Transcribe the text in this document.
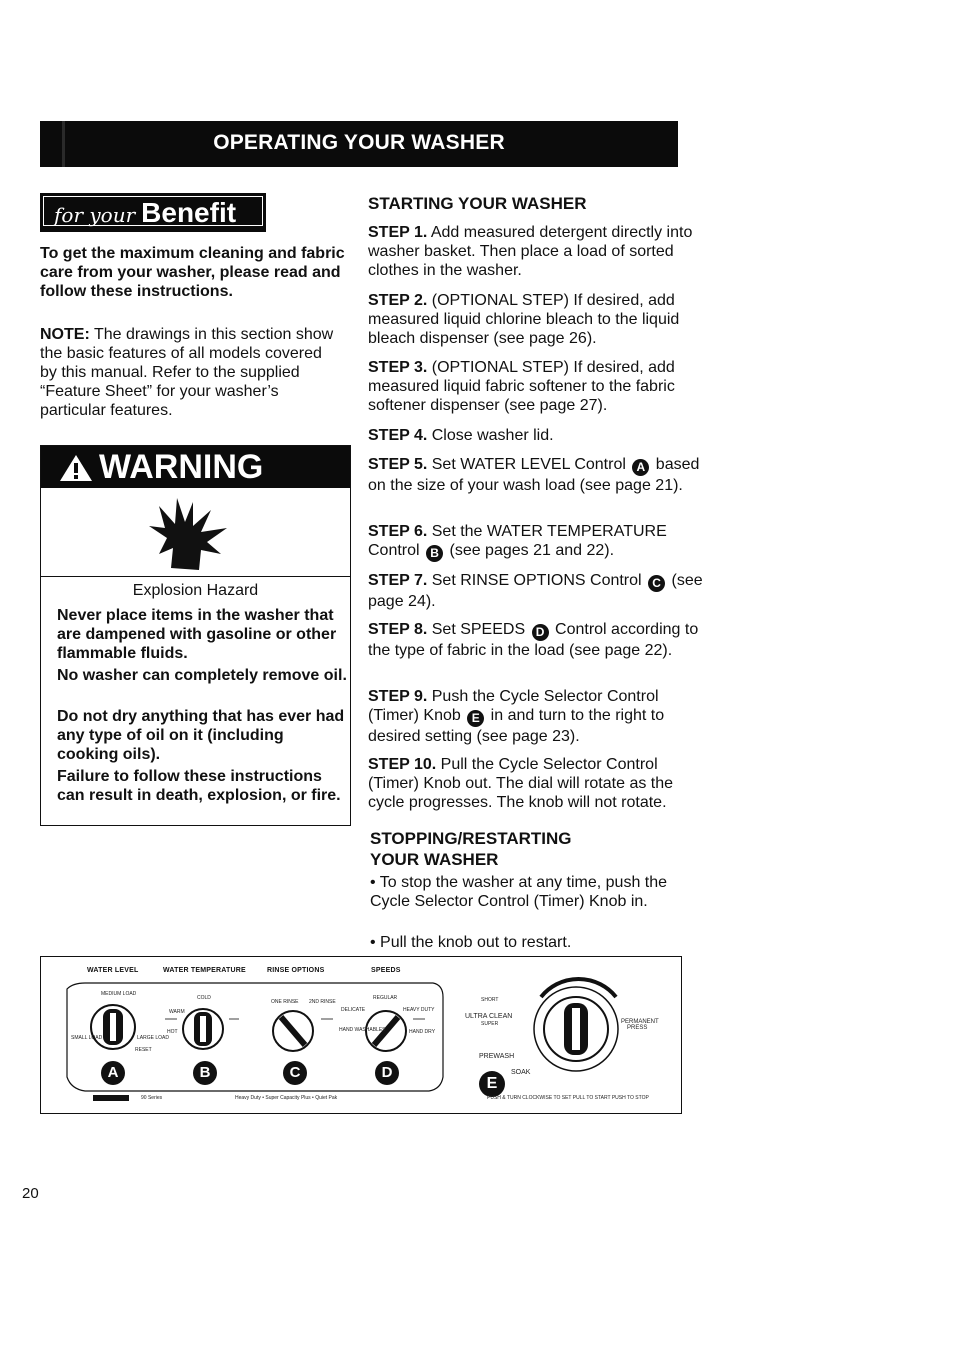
OPERATING YOUR WASHER
for your Benefit
To get the maximum cleaning and fabric care from your washer, please read and follow these instructions.
NOTE: The drawings in this section show the basic features of all models covered by this manual. Refer to the supplied “Feature Sheet” for your washer’s particular features.
WARNING
Explosion Hazard
Never place items in the washer that are dampened with gasoline or other flammable fluids.
No washer can completely remove oil.
Do not dry anything that has ever had any type of oil on it (including cooking oils).
Failure to follow these instructions can result in death, explosion, or fire.
STARTING YOUR WASHER
STEP 1. Add measured detergent directly into washer basket. Then place a load of sorted clothes in the washer.
STEP 2. (OPTIONAL STEP) If desired, add measured liquid chlorine bleach to the liquid bleach dispenser (see page 26).
STEP 3. (OPTIONAL STEP) If desired, add measured liquid fabric softener to the fabric softener dispenser (see page 27).
STEP 4. Close washer lid.
STEP 5. Set WATER LEVEL Control A based on the size of your wash load (see page 21).
STEP 6. Set the WATER TEMPERATURE Control B (see pages 21 and 22).
STEP 7. Set RINSE OPTIONS Control C (see page 24).
STEP 8. Set SPEEDS D Control according to the type of fabric in the load (see page 22).
STEP 9. Push the Cycle Selector Control (Timer) Knob E in and turn to the right to desired setting (see page 23).
STEP 10. Pull the Cycle Selector Control (Timer) Knob out. The dial will rotate as the cycle progresses. The knob will not rotate.
STOPPING/RESTARTING
YOUR WASHER
• To stop the washer at any time, push the Cycle Selector Control (Timer) Knob in.
• Pull the knob out to restart.
WATER LEVEL	WATER TEMPERATURE	RINSE OPTIONS	SPEEDS
A	B	C	D
E
MEDIUM LOAD
SMALL LOAD	LARGE LOAD
RESET
COLD
WARM
HOT
ONE RINSE 2ND RINSE
REGULAR
DELICATE	HEAVY DUTY
HAND WASHABLES	HAND DRY
SHORT
ULTRA CLEAN
SUPER
PREWASH
SOAK
PERMANENT
PRESS
90 Series	Heavy Duty • Super Capacity Plus • Quiet Pak	PUSH & TURN CLOCKWISE TO SET PULL TO START PUSH TO STOP
20
